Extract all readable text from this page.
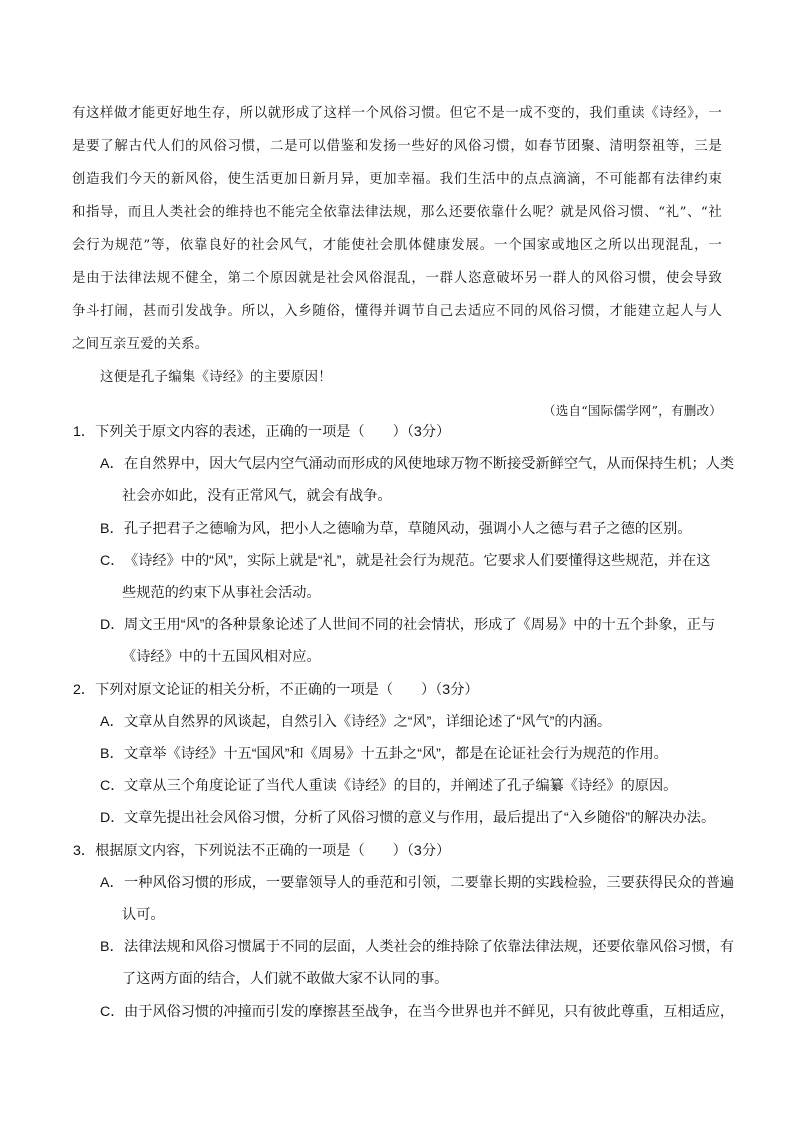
有这样做才能更好地生存，所以就形成了这样一个风俗习惯。但它不是一成不变的，我们重读《诗经》，一

是要了解古代人们的风俗习惯，二是可以借鉴和发扬一些好的风俗习惯，如春节团聚、清明祭祖等，三是

创造我们今天的新风俗，使生活更加日新月异，更加幸福。我们生活中的点点滴滴，不可能都有法律约束

和指导，而且人类社会的维持也不能完全依靠法律法规，那么还要依靠什么呢？就是风俗习惯、“礼”、“社

会行为规范”等，依靠良好的社会风气，才能使社会肌体健康发展。一个国家或地区之所以出现混乱，一

是由于法律法规不健全，第二个原因就是社会风俗混乱，一群人恣意破坏另一群人的风俗习惯，使会导致

争斗打闹，甚而引发战争。所以，入乡随俗，懂得并调节自己去适应不同的风俗习惯，才能建立起人与人

之间互亲互爱的关系。

这便是孔子编集《诗经》的主要原因！

（选自“国际儒学网”，有删改）

1．下列关于原文内容的表述，正确的一项是（ ）（3分）

A．在自然界中，因大气层内空气涌动而形成的风使地球万物不断接受新鲜空气，从而保持生机；人类
社会亦如此，没有正常风气，就会有战争。
B．孔子把君子之德喻为风，把小人之德喻为草，草随风动，强调小人之德与君子之德的区别。
C．《诗经》中的“风”，实际上就是“礼”，就是社会行为规范。它要求人们要懂得这些规范，并在这
些规范的约束下从事社会活动。
D．周文王用“风”的各种景象论述了人世间不同的社会情状，形成了《周易》中的十五个卦象，正与
《诗经》中的十五国风相对应。

2．下列对原文论证的相关分析，不正确的一项是（ ）（3分）

A．文章从自然界的风谈起，自然引入《诗经》之“风”，详细论述了“风气”的内涵。
B．文章举《诗经》十五“国风”和《周易》十五卦之“风”，都是在论证社会行为规范的作用。
C．文章从三个角度论证了当代人重读《诗经》的目的，并阐述了孔子编纂《诗经》的原因。
D．文章先提出社会风俗习惯，分析了风俗习惯的意义与作用，最后提出了“入乡随俗”的解决办法。

3．根据原文内容，下列说法不正确的一项是（ ）（3分）

A．一种风俗习惯的形成，一要靠领导人的垂范和引领，二要靠长期的实践检验，三要获得民众的普遍
认可。
B．法律法规和风俗习惯属于不同的层面，人类社会的维持除了依靠法律法规，还要依靠风俗习惯，有
了这两方面的结合，人们就不敢做大家不认同的事。
C．由于风俗习惯的冲撞而引发的摩擦甚至战争，在当今世界也并不鲜见，只有彼此尊重，互相适应，
